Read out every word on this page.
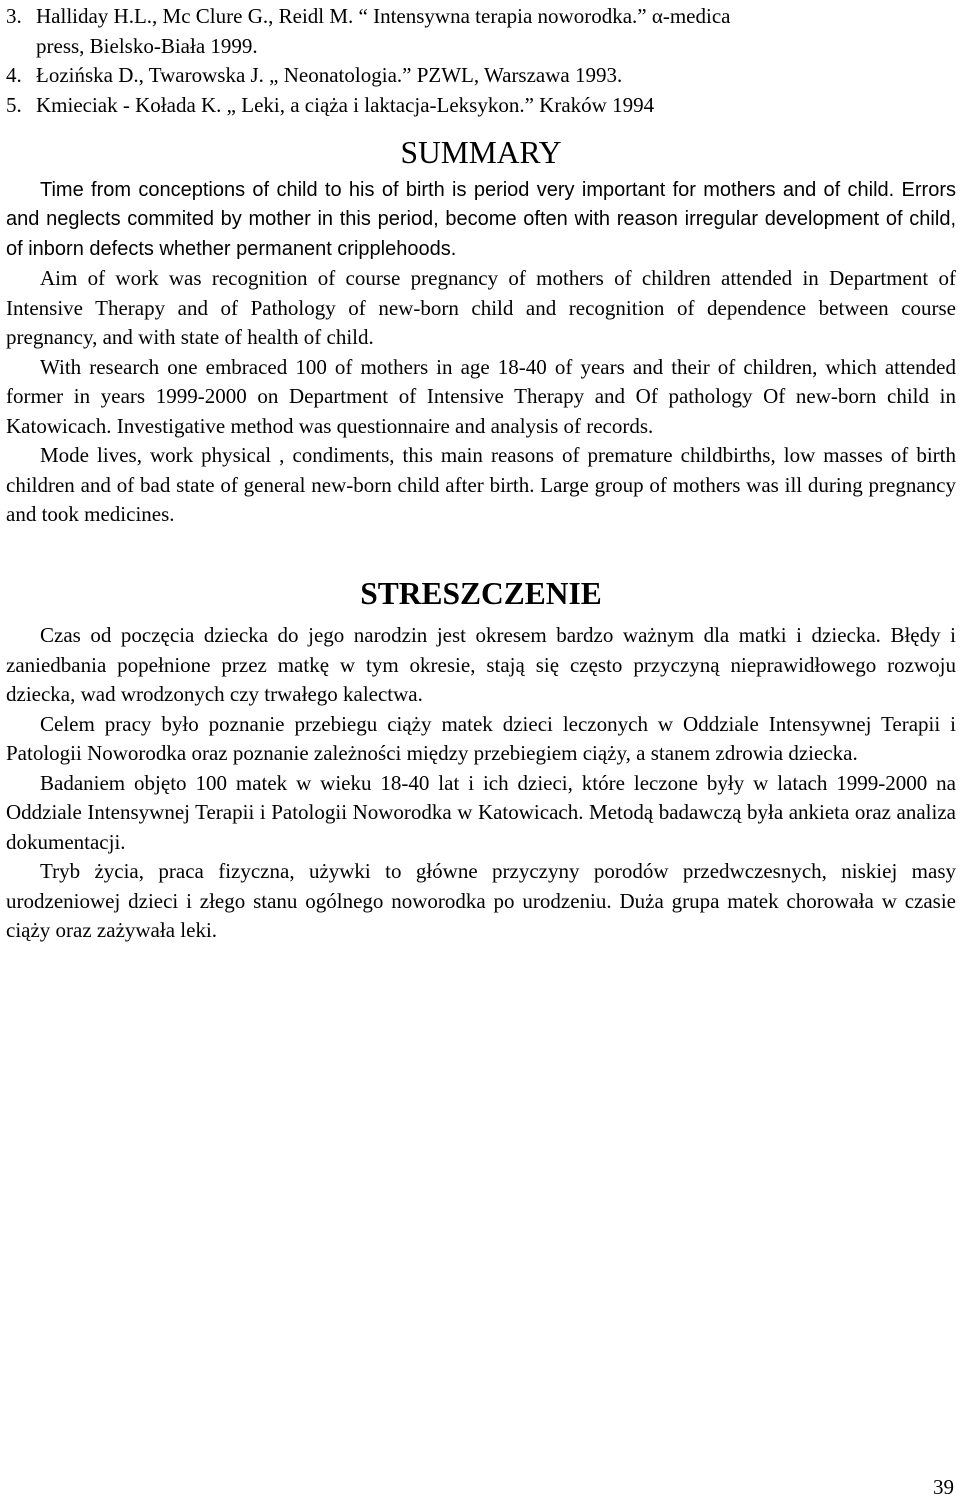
3. Halliday H.L., Mc Clure G., Reidl M. “ Intensywna terapia noworodka.” α-medica
press, Bielsko-Biała 1999.
4. Łozińska D., Twarowska J. „ Neonatologia.” PZWL, Warszawa 1993.
5. Kmieciak - Kołada K. „ Leki, a ciąża i laktacja-Leksykon.” Kraków 1994
SUMMARY

Time from conceptions of child to his of birth is period very important for mothers and of child. Errors and neglects commited by mother in this period, become often with reason irregular development of child, of inborn defects whether permanent cripplehoods.

Aim of work was recognition of course pregnancy of mothers of children attended in Department of Intensive Therapy and of Pathology of new-born child and recognition of dependence between course pregnancy, and with state of health of child.

With research one embraced 100 of mothers in age 18-40 of years and their of children, which attended former in years 1999-2000 on Department of Intensive Therapy and Of pathology Of new-born child in Katowicach. Investigative method was questionnaire and analysis of records.

Mode lives, work physical , condiments, this main reasons of premature childbirths, low masses of birth children and of bad state of general new-born child after birth. Large group of mothers was ill during pregnancy and took medicines.

STRESZCZENIE

Czas od poczęcia dziecka do jego narodzin jest okresem bardzo ważnym dla matki i dziecka. Błędy i zaniedbania popełnione przez matkę w tym okresie, stają się często przyczyną nieprawidłowego rozwoju dziecka, wad wrodzonych czy trwałego kalectwa.

Celem pracy było poznanie przebiegu ciąży matek dzieci leczonych w Oddziale Intensywnej Terapii i Patologii Noworodka oraz poznanie zależności między przebiegiem ciąży, a stanem zdrowia dziecka.

Badaniem objęto 100 matek w wieku 18-40 lat i ich dzieci, które leczone były w latach 1999-2000 na Oddziale Intensywnej Terapii i Patologii Noworodka w Katowicach. Metodą badawczą była ankieta oraz analiza dokumentacji.

Tryb życia, praca fizyczna, używki to główne przyczyny porodów przedwczesnych, niskiej masy urodzeniowej dzieci i złego stanu ogólnego noworodka po urodzeniu. Duża grupa matek chorowała w czasie ciąży oraz zażywała leki.

39
